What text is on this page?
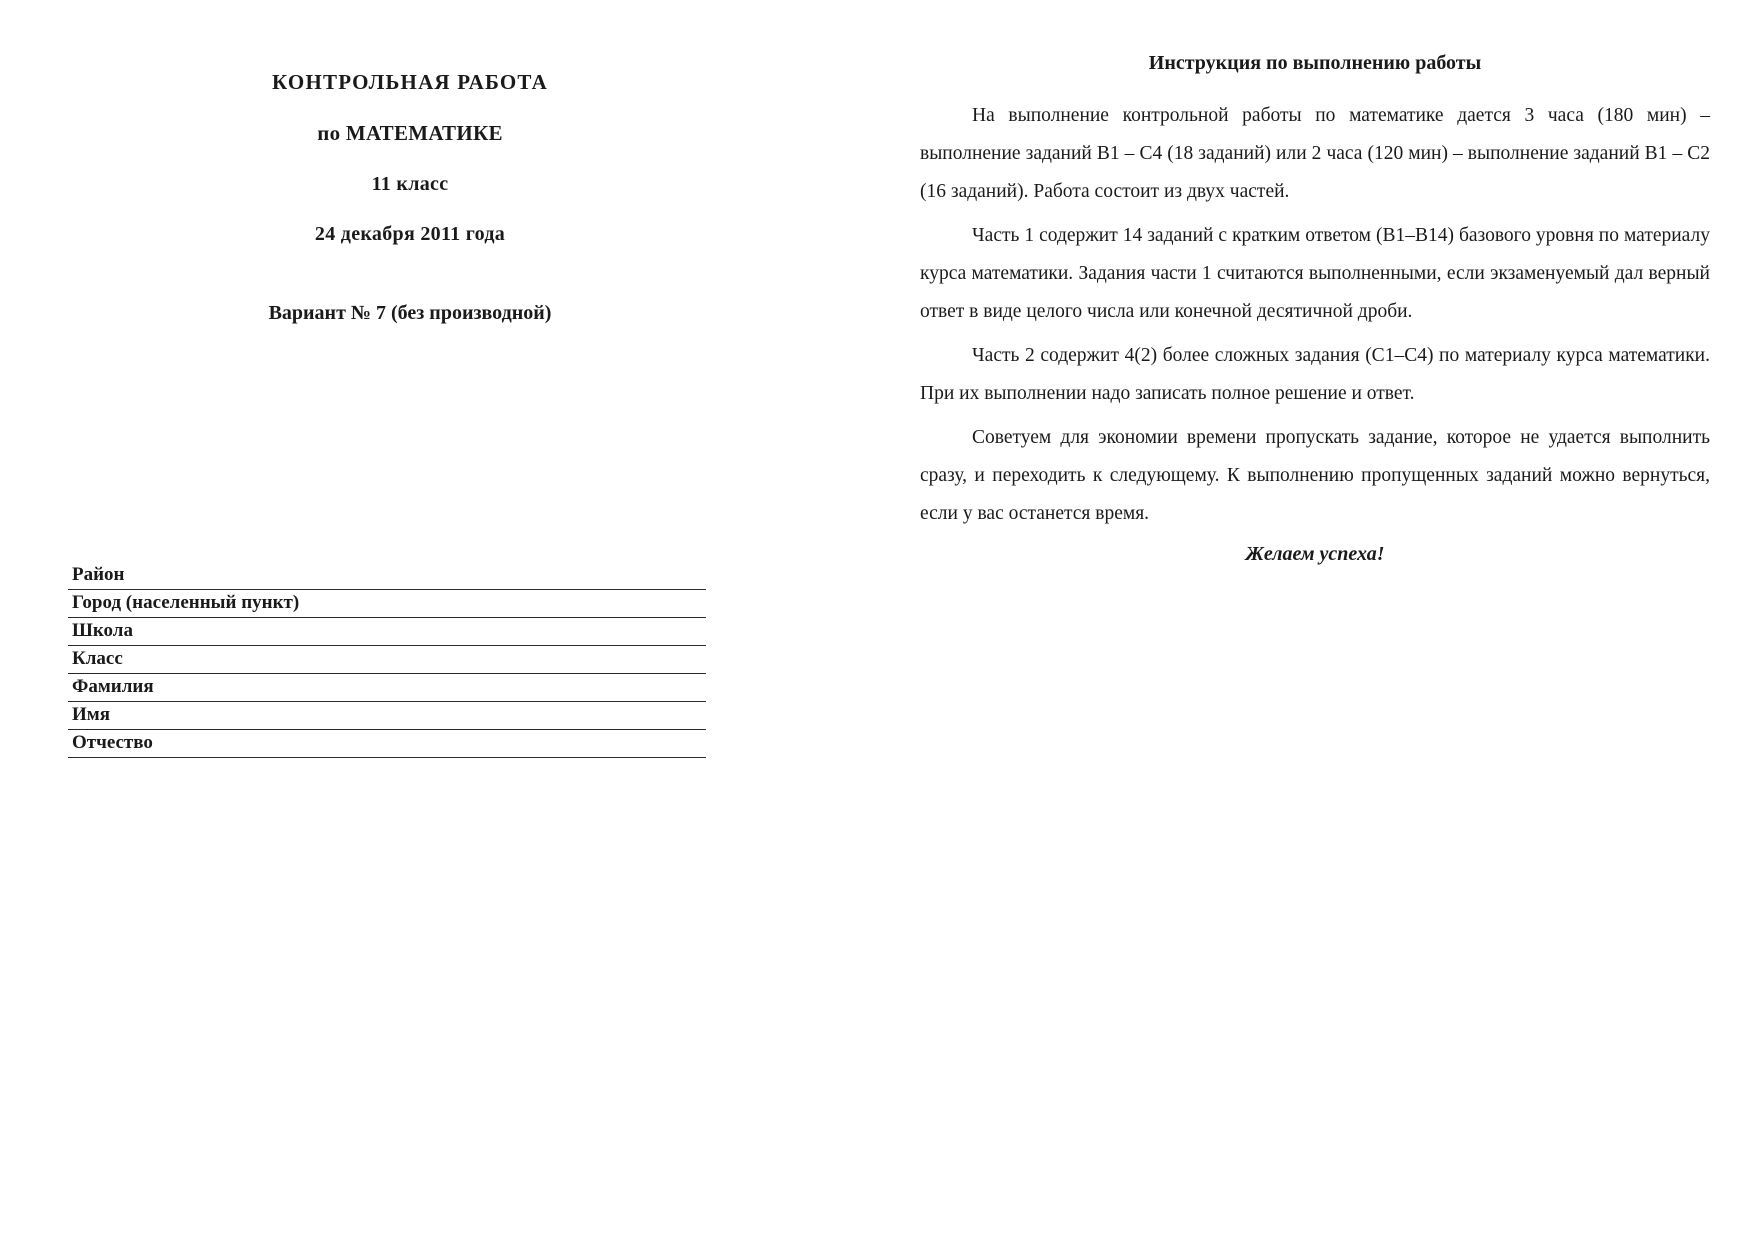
КОНТРОЛЬНАЯ РАБОТА
по МАТЕМАТИКЕ
11 класс
24 декабря 2011 года
Вариант № 7 (без производной)
Район
Город (населенный пункт)
Школа
Класс
Фамилия
Имя
Отчество
Инструкция по выполнению работы

На выполнение контрольной работы по математике дается 3 часа (180 мин) – выполнение заданий В1 – С4 (18 заданий) или 2 часа (120 мин) – выполнение заданий В1 – С2 (16 заданий). Работа состоит из двух частей.

Часть 1 содержит 14 заданий с кратким ответом (В1–В14) базового уровня по материалу курса математики. Задания части 1 считаются выполненными, если экзаменуемый дал верный ответ в виде целого числа или конечной десятичной дроби.

Часть 2 содержит 4(2) более сложных задания (С1–С4) по материалу курса математики. При их выполнении надо записать полное решение и ответ.

Советуем для экономии времени пропускать задание, которое не удается выполнить сразу, и переходить к следующему. К выполнению пропущенных заданий можно вернуться, если у вас останется время.

Желаем успеха!
